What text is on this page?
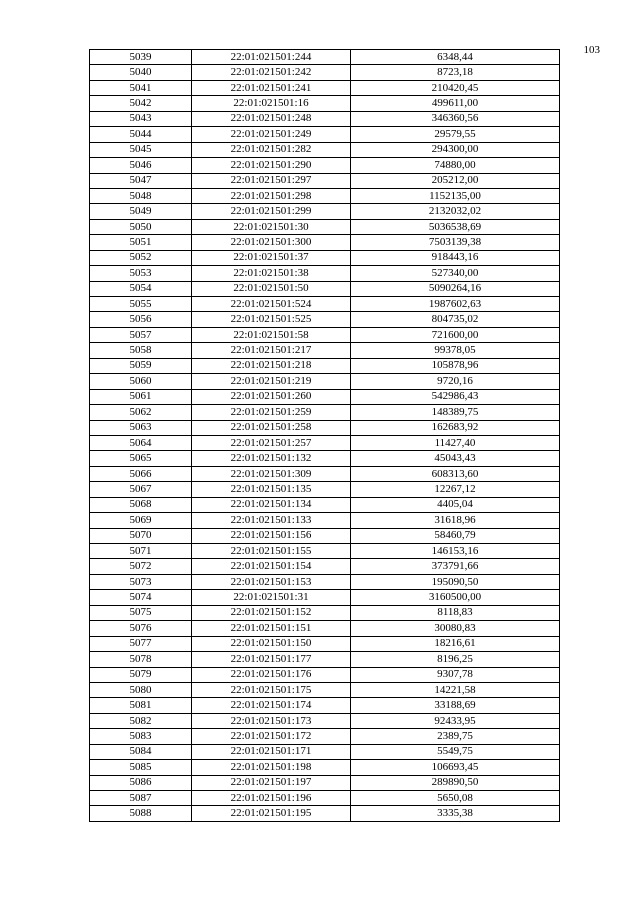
103
5039	22:01:021501:244	6348,44
5040	22:01:021501:242	8723,18
5041	22:01:021501:241	210420,45
5042	22:01:021501:16	499611,00
5043	22:01:021501:248	346360,56
5044	22:01:021501:249	29579,55
5045	22:01:021501:282	294300,00
5046	22:01:021501:290	74880,00
5047	22:01:021501:297	205212,00
5048	22:01:021501:298	1152135,00
5049	22:01:021501:299	2132032,02
5050	22:01:021501:30	5036538,69
5051	22:01:021501:300	7503139,38
5052	22:01:021501:37	918443,16
5053	22:01:021501:38	527340,00
5054	22:01:021501:50	5090264,16
5055	22:01:021501:524	1987602,63
5056	22:01:021501:525	804735,02
5057	22:01:021501:58	721600,00
5058	22:01:021501:217	99378,05
5059	22:01:021501:218	105878,96
5060	22:01:021501:219	9720,16
5061	22:01:021501:260	542986,43
5062	22:01:021501:259	148389,75
5063	22:01:021501:258	162683,92
5064	22:01:021501:257	11427,40
5065	22:01:021501:132	45043,43
5066	22:01:021501:309	608313,60
5067	22:01:021501:135	12267,12
5068	22:01:021501:134	4405,04
5069	22:01:021501:133	31618,96
5070	22:01:021501:156	58460,79
5071	22:01:021501:155	146153,16
5072	22:01:021501:154	373791,66
5073	22:01:021501:153	195090,50
5074	22:01:021501:31	3160500,00
5075	22:01:021501:152	8118,83
5076	22:01:021501:151	30080,83
5077	22:01:021501:150	18216,61
5078	22:01:021501:177	8196,25
5079	22:01:021501:176	9307,78
5080	22:01:021501:175	14221,58
5081	22:01:021501:174	33188,69
5082	22:01:021501:173	92433,95
5083	22:01:021501:172	2389,75
5084	22:01:021501:171	5549,75
5085	22:01:021501:198	106693,45
5086	22:01:021501:197	289890,50
5087	22:01:021501:196	5650,08
5088	22:01:021501:195	3335,38
